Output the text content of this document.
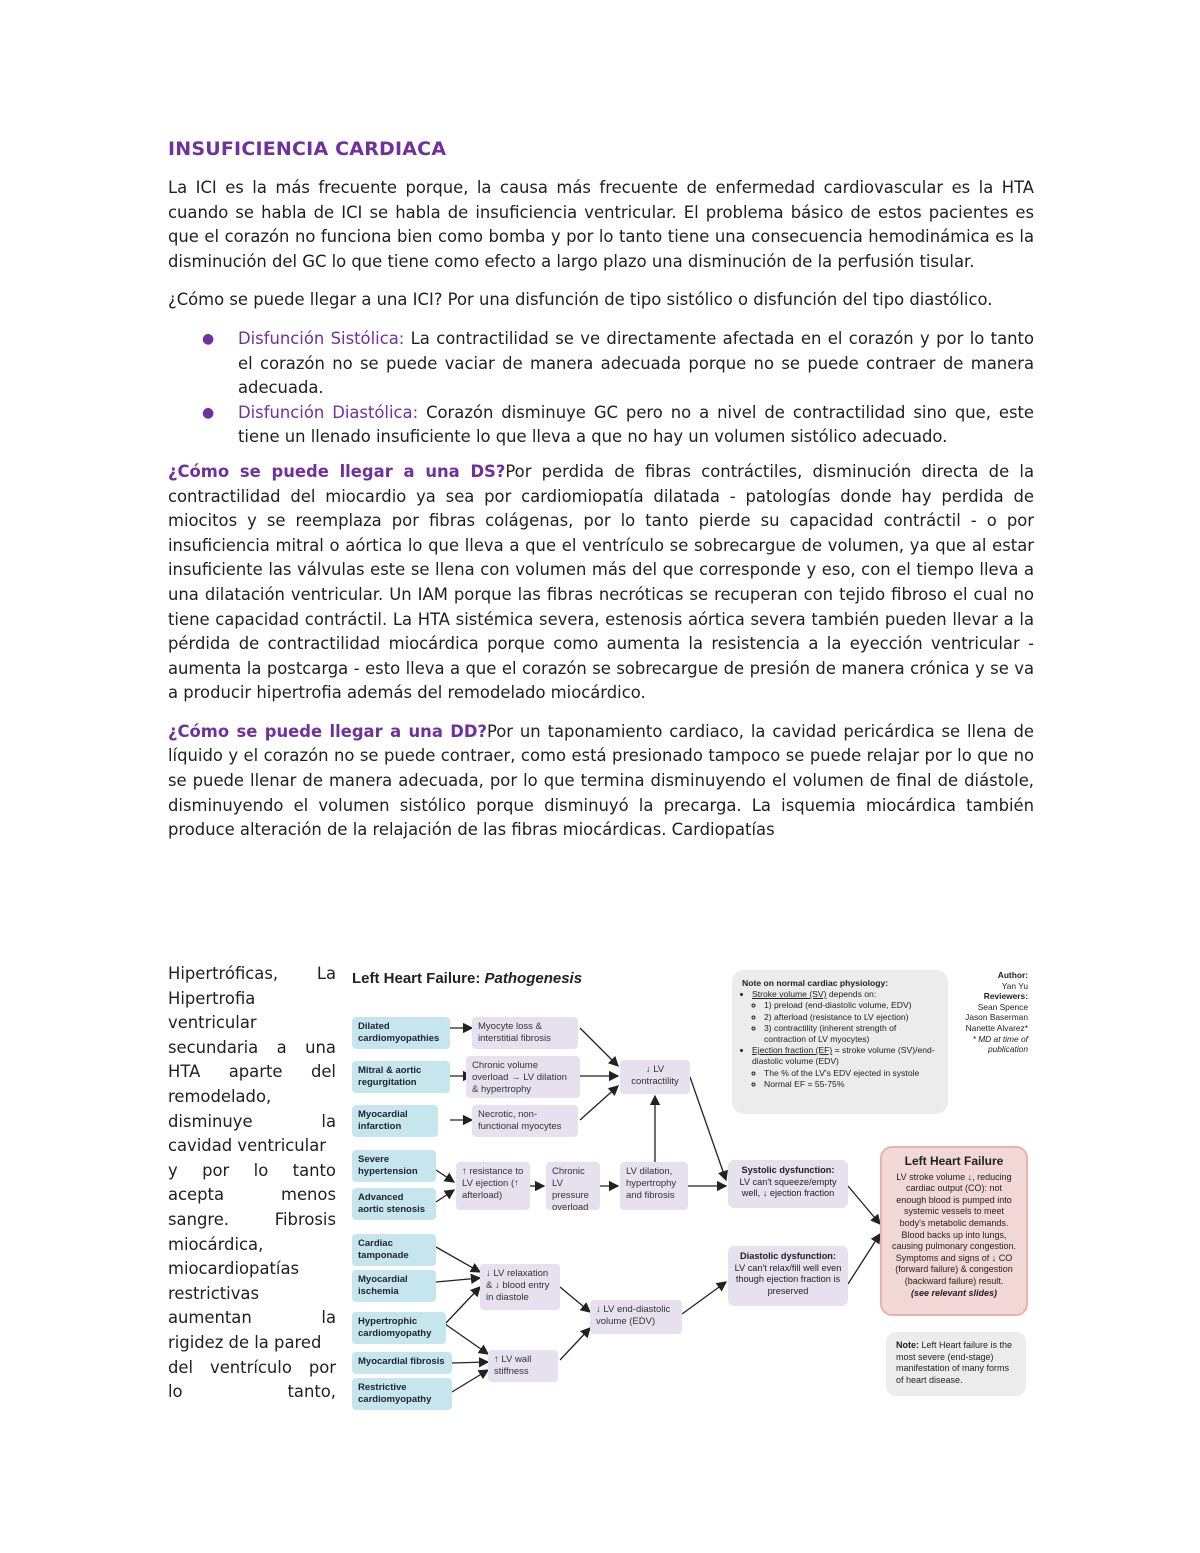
INSUFICIENCIA CARDIACA

La ICI es la más frecuente porque, la causa más frecuente de enfermedad cardiovascular es la HTA cuando se habla de ICI se habla de insuficiencia ventricular. El problema básico de estos pacientes es que el corazón no funciona bien como bomba y por lo tanto tiene una consecuencia hemodinámica es la disminución del GC lo que tiene como efecto a largo plazo una disminución de la perfusión tisular.

¿Cómo se puede llegar a una ICI? Por una disfunción de tipo sistólico o disfunción del tipo diastólico.

● Disfunción Sistólica: La contractilidad se ve directamente afectada en el corazón y por lo tanto el corazón no se puede vaciar de manera adecuada porque no se puede contraer de manera adecuada.
● Disfunción Diastólica: Corazón disminuye GC pero no a nivel de contractilidad sino que, este tiene un llenado insuficiente lo que lleva a que no hay un volumen sistólico adecuado.

¿Cómo se puede llegar a una DS?Por perdida de fibras contráctiles, disminución directa de la contractilidad del miocardio ya sea por cardiomiopatía dilatada - patologías donde hay perdida de miocitos y se reemplaza por fibras colágenas, por lo tanto pierde su capacidad contráctil - o por insuficiencia mitral o aórtica lo que lleva a que el ventrículo se sobrecargue de volumen, ya que al estar insuficiente las válvulas este se llena con volumen más del que corresponde y eso, con el tiempo lleva a una dilatación ventricular. Un IAM porque las fibras necróticas se recuperan con tejido fibroso el cual no tiene capacidad contráctil. La HTA sistémica severa, estenosis aórtica severa también pueden llevar a la pérdida de contractilidad miocárdica porque como aumenta la resistencia a la eyección ventricular - aumenta la postcarga - esto lleva a que el corazón se sobrecargue de presión de manera crónica y se va a producir hipertrofia además del remodelado miocárdico.

¿Cómo se puede llegar a una DD?Por un taponamiento cardiaco, la cavidad pericárdica se llena de líquido y el corazón no se puede contraer, como está presionado tampoco se puede relajar por lo que no se puede llenar de manera adecuada, por lo que termina disminuyendo el volumen de final de diástole, disminuyendo el volumen sistólico porque disminuyó la precarga. La isquemia miocárdica también produce alteración de la relajación de las fibras miocárdicas. Cardiopatías

Hipertróficas, La
Hipertrofia
ventricular
secundaria a una
HTA aparte del
remodelado,
disminuye	la
cavidad ventricular
y por lo tanto
acepta	menos
sangre.	Fibrosis
miocárdica,
miocardiopatías
restrictivas
aumentan	la
rigidez de la pared
del ventrículo por
lo	tanto,
Left Heart Failure: Pathogenesis
Dilated cardiomyopathies
Mitral & aortic regurgitation
Myocardial infarction
Severe hypertension
Advanced aortic stenosis
Cardiac tamponade
Myocardial ischemia
Hypertrophic cardiomyopathy
Myocardial fibrosis
Restrictive cardiomyopathy
Myocyte loss & interstitial fibrosis
Chronic volume overload → LV dilation & hypertrophy
Necrotic, non-functional myocytes
↓ LV contractility
↑ resistance to LV ejection (↑ afterload)
Chronic LV pressure overload
LV dilation, hypertrophy and fibrosis
↓ LV relaxation & ↓ blood entry in diastole
↓ LV end-diastolic volume (EDV)
↑ LV wall stiffness
Systolic dysfunction:
LV can't squeeze/empty well, ↓ ejection fraction
Diastolic dysfunction:
LV can't relax/fill well even though ejection fraction is preserved
Note on normal cardiac physiology:
• Stroke volume (SV) depends on:
◦ 1) preload (end-diastolic volume, EDV)
◦ 2) afterload (resistance to LV ejection)
◦ 3) contractility (inherent strength of contraction of LV myocytes)
• Ejection fraction (EF) = stroke volume (SV)/end-diastolic volume (EDV)
◦ The % of the LV's EDV ejected in systole
◦ Normal EF = 55-75%
Author:
Yan Yu
Reviewers:
Sean Spence
Jason Baserman
Nanette Alvarez*
* MD at time of publication
Left Heart Failure
LV stroke volume ↓, reducing cardiac output (CO): not enough blood is pumped into systemic vessels to meet body's metabolic demands. Blood backs up into lungs, causing pulmonary congestion. Symptoms and signs of ↓ CO (forward failure) & congestion (backward failure) result.
(see relevant slides)
Note: Left Heart failure is the most severe (end-stage) manifestation of many forms of heart disease.
